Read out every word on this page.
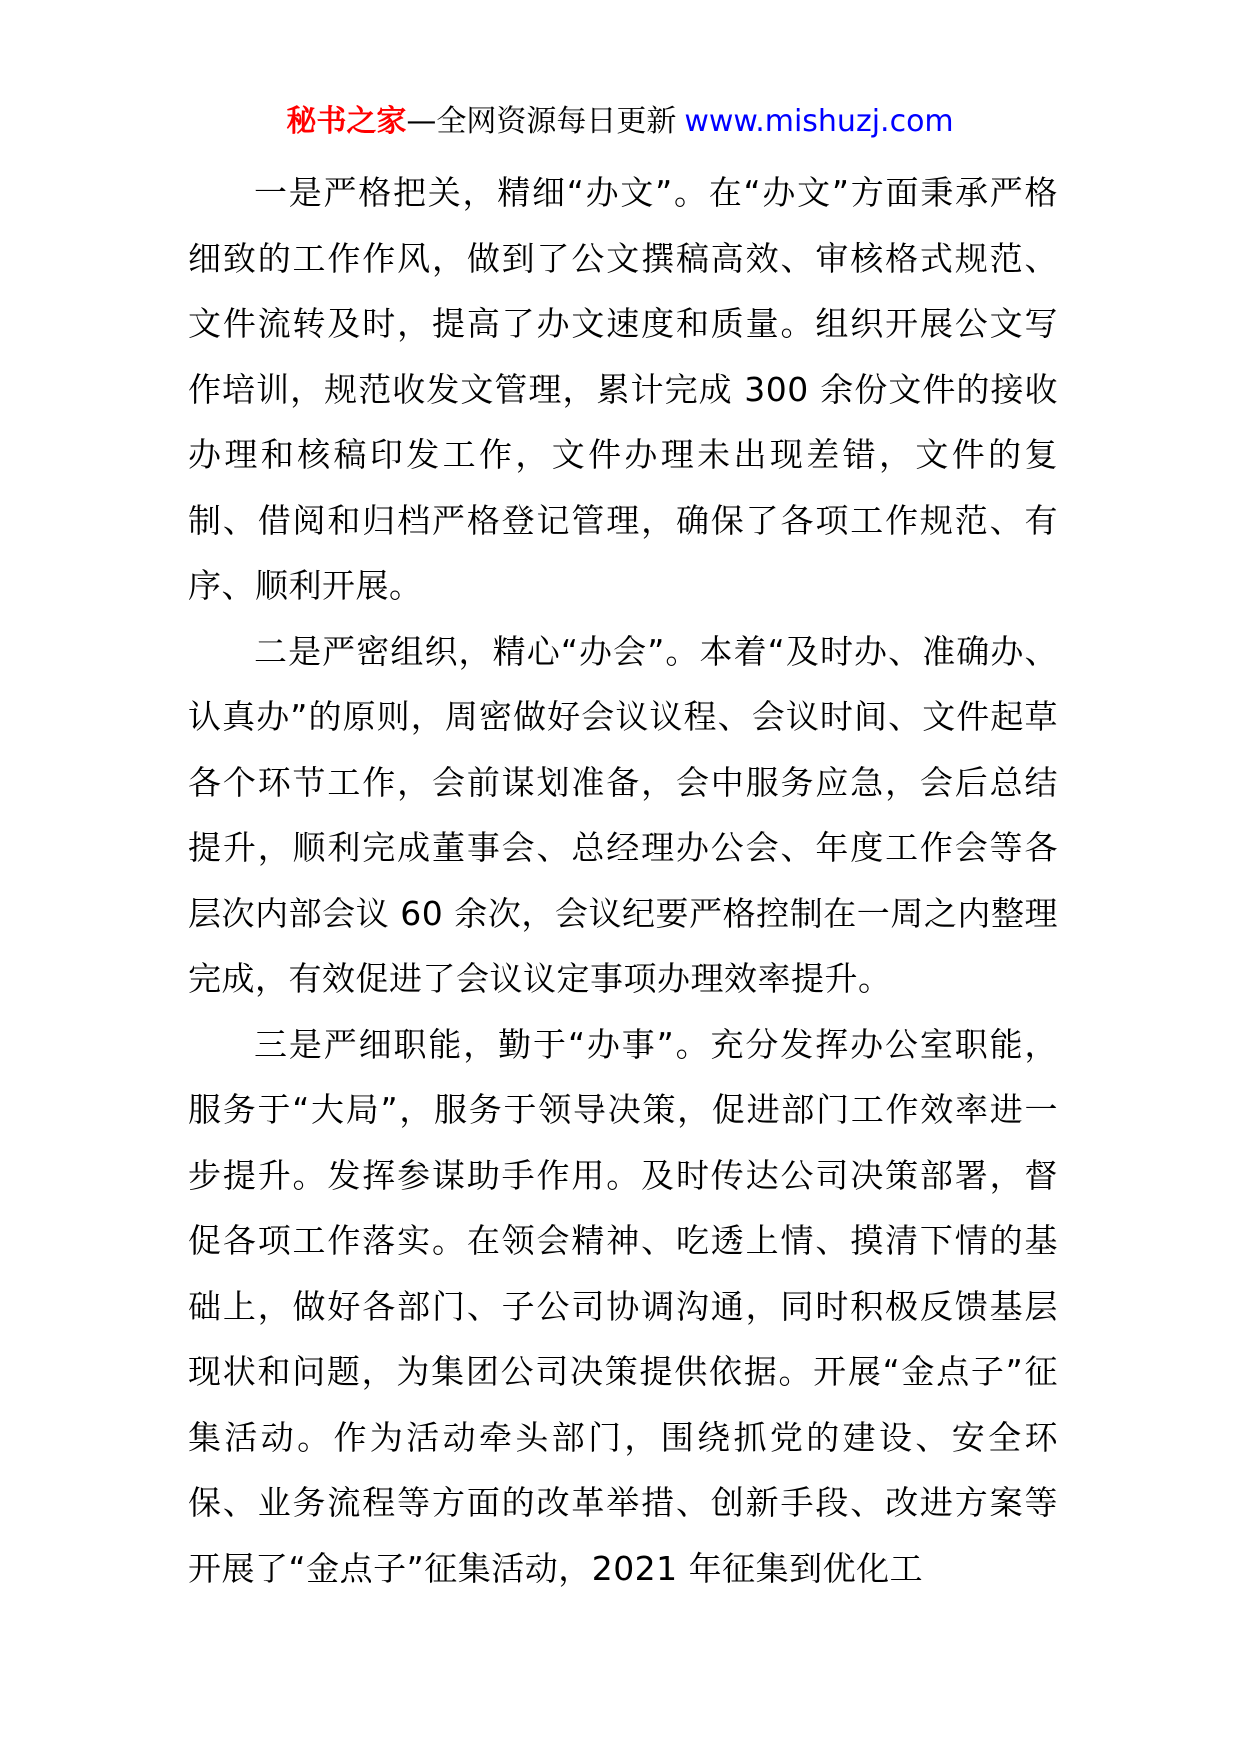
秘书之家—全网资源每日更新 www.mishuzj.com

一是严格把关，精细“办文”。在“办文”方面秉承严格细致的工作作风，做到了公文撰稿高效、审核格式规范、文件流转及时，提高了办文速度和质量。组织开展公文写作培训，规范收发文管理，累计完成 300 余份文件的接收办理和核稿印发工作，文件办理未出现差错，文件的复制、借阅和归档严格登记管理，确保了各项工作规范、有序、顺利开展。

二是严密组织，精心“办会”。本着“及时办、准确办、认真办”的原则，周密做好会议议程、会议时间、文件起草各个环节工作，会前谋划准备，会中服务应急，会后总结提升，顺利完成董事会、总经理办公会、年度工作会等各层次内部会议 60 余次，会议纪要严格控制在一周之内整理完成，有效促进了会议议定事项办理效率提升。

三是严细职能，勤于“办事”。充分发挥办公室职能，服务于“大局”，服务于领导决策，促进部门工作效率进一步提升。发挥参谋助手作用。及时传达公司决策部署，督促各项工作落实。在领会精神、吃透上情、摸清下情的基础上，做好各部门、子公司协调沟通，同时积极反馈基层现状和问题，为集团公司决策提供依据。开展“金点子”征集活动。作为活动牵头部门，围绕抓党的建设、安全环保、业务流程等方面的改革举措、创新手段、改进方案等开展了“金点子”征集活动，2021 年征集到优化工
